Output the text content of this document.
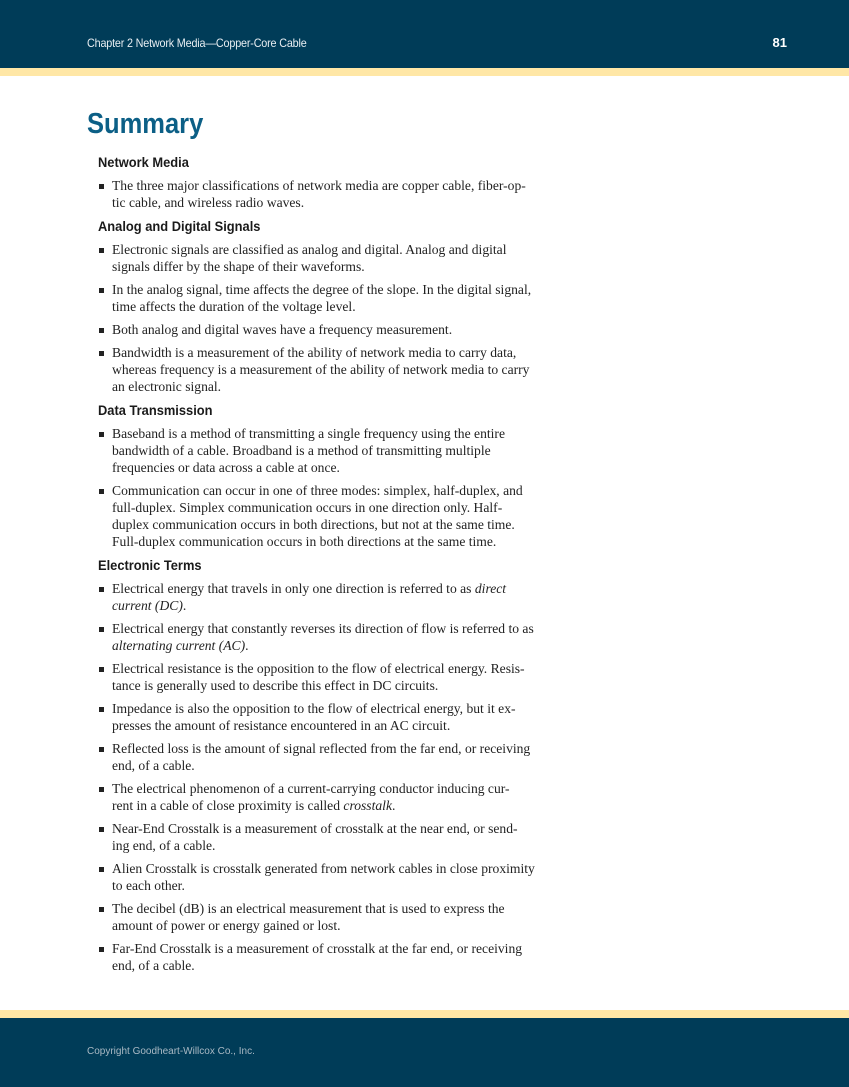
Chapter 2 Network Media—Copper-Core Cable	81
Summary
Network Media
The three major classifications of network media are copper cable, fiber-op-
tic cable, and wireless radio waves.
Analog and Digital Signals
Electronic signals are classified as analog and digital. Analog and digital
signals differ by the shape of their waveforms.
In the analog signal, time affects the degree of the slope. In the digital signal,
time affects the duration of the voltage level.
Both analog and digital waves have a frequency measurement.
Bandwidth is a measurement of the ability of network media to carry data,
whereas frequency is a measurement of the ability of network media to carry
an electronic signal.
Data Transmission
Baseband is a method of transmitting a single frequency using the entire
bandwidth of a cable. Broadband is a method of transmitting multiple
frequencies or data across a cable at once.
Communication can occur in one of three modes: simplex, half-duplex, and
full-duplex. Simplex communication occurs in one direction only. Half-
duplex communication occurs in both directions, but not at the same time.
Full-duplex communication occurs in both directions at the same time.
Electronic Terms
Electrical energy that travels in only one direction is referred to as direct
current (DC).
Electrical energy that constantly reverses its direction of flow is referred to as
alternating current (AC).
Electrical resistance is the opposition to the flow of electrical energy. Resis-
tance is generally used to describe this effect in DC circuits.
Impedance is also the opposition to the flow of electrical energy, but it ex-
presses the amount of resistance encountered in an AC circuit.
Reflected loss is the amount of signal reflected from the far end, or receiving
end, of a cable.
The electrical phenomenon of a current-carrying conductor inducing cur-
rent in a cable of close proximity is called crosstalk.
Near-End Crosstalk is a measurement of crosstalk at the near end, or send-
ing end, of a cable.
Alien Crosstalk is crosstalk generated from network cables in close proximity
to each other.
The decibel (dB) is an electrical measurement that is used to express the
amount of power or energy gained or lost.
Far-End Crosstalk is a measurement of crosstalk at the far end, or receiving
end, of a cable.
Copyright Goodheart-Willcox Co., Inc.
